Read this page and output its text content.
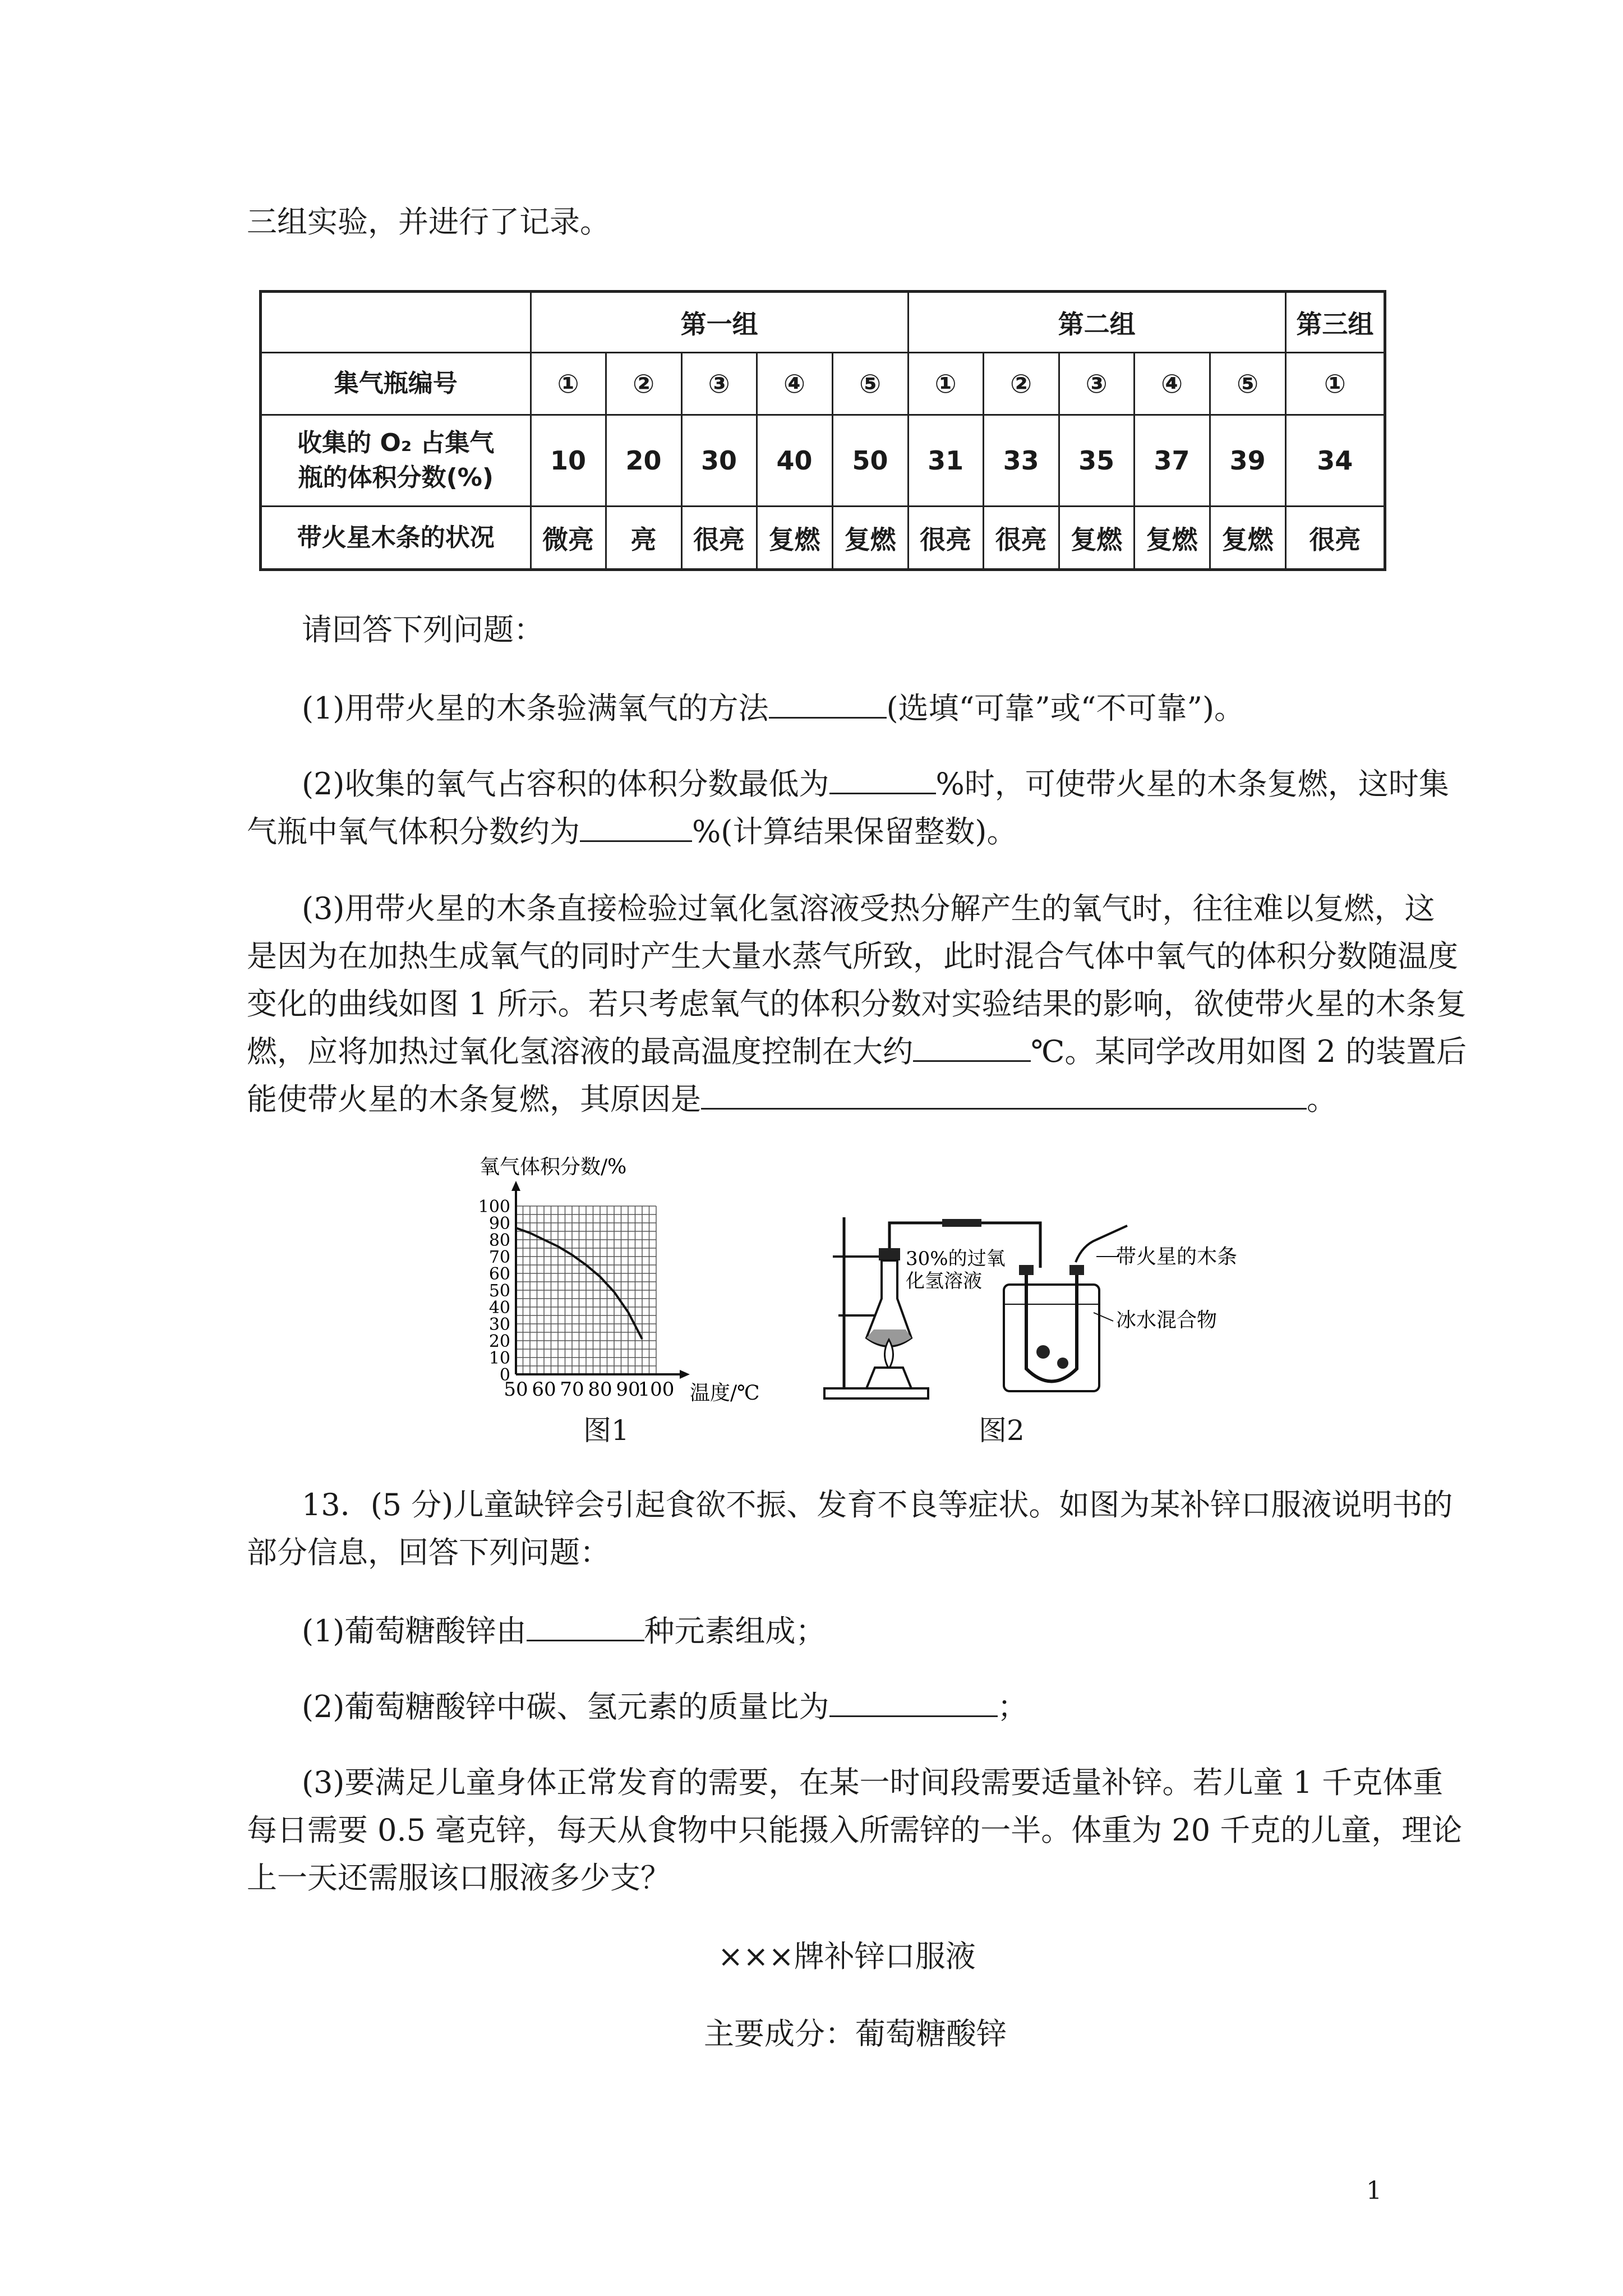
三组实验，并进行了记录。

	第一组					第二组					第三组
集气瓶编号	①	②	③	④	⑤	①	②	③	④	⑤	①

收集的 O₂ 占集气
瓶的体积分数(%)	10	20	30	40	50	31	33	35	37	39	34
带火星木条的状况	微亮	亮	很亮	复燃	复燃	很亮	很亮	复燃	复燃	复燃	很亮

请回答下列问题：

(1)用带火星的木条验满氧气的方法	(选填“可靠”或“不可靠”)。

(2)收集的氧气占容积的体积分数最低为	%时，可使带火星的木条复燃，这时集

气瓶中氧气体积分数约为	%(计算结果保留整数)。

(3)用带火星的木条直接检验过氧化氢溶液受热分解产生的氧气时，往往难以复燃，这

是因为在加热生成氧气的同时产生大量水蒸气所致，此时混合气体中氧气的体积分数随温度

变化的曲线如图 1 所示。若只考虑氧气的体积分数对实验结果的影响，欲使带火星的木条复

燃，应将加热过氧化氢溶液的最高温度控制在大约	℃。某同学改用如图 2 的装置后

能使带火星的木条复燃，其原因是	。

50 60 70 80 90
100
0
10
20
30
40
50
60
70
80
90
100
氧气体积分数/%
温度/℃
图1
30%的过氧
化氢溶液
带火星的木条
冰水混合物
图2

13．(5 分)儿童缺锌会引起食欲不振、发育不良等症状。如图为某补锌口服液说明书的

部分信息，回答下列问题：

(1)葡萄糖酸锌由	种元素组成；

(2)葡萄糖酸锌中碳、氢元素的质量比为	；

(3)要满足儿童身体正常发育的需要，在某一时间段需要适量补锌。若儿童 1 千克体重

每日需要 0.5 毫克锌，每天从食物中只能摄入所需锌的一半。体重为 20 千克的儿童，理论

上一天还需服该口服液多少支？

×××牌补锌口服液

主要成分：葡萄糖酸锌

1
